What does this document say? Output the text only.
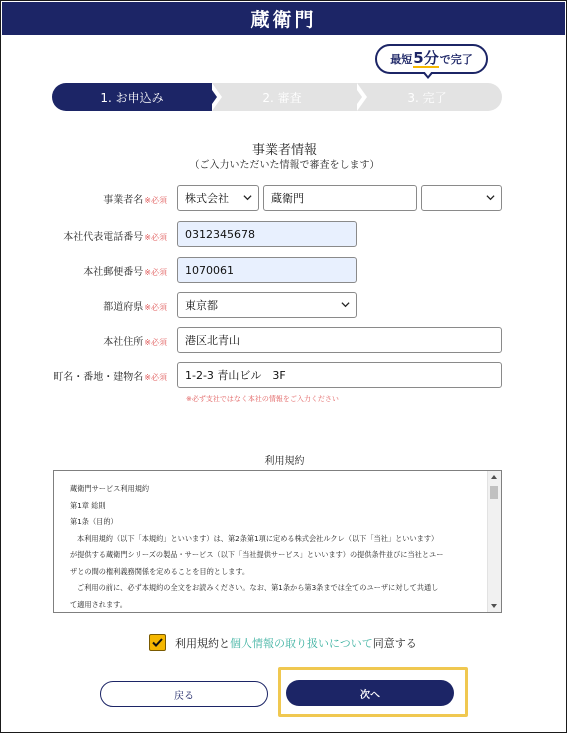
蔵衛門
最短 5分 で完了
3. 完了
2. 審査
1. お申込み
事業者情報
（ご入力いただいた情報で審査をします）
事業者名※必須 株式会社	蔵衛門
本社代表電話番号※必須 0312345678
本社郵便番号※必須 1070061
都道府県※必須 東京都
本社住所※必須 港区北青山
町名・番地・建物名※必須 1-2-3 青山ビル　3F
※必ず支社ではなく本社の情報をご入力ください
利用規約
蔵衛門サービス利用規約
第1章 総則
第1条（目的）
本利用規約（以下「本規約」といいます）は、第2条第1項に定める株式会社ルクレ（以下「当社」といいます）
が提供する蔵衛門シリーズの製品・サービス（以下「当社提供サービス」といいます）の提供条件並びに当社とユー
ザとの間の権利義務関係を定めることを目的とします。
ご利用の前に、必ず本規約の全文をお読みください。なお、第1条から第3条までは全てのユーザに対して共通し
て適用されます。
利用規約と 個人情報の取り扱いについて 同意する
戻る	次へ
